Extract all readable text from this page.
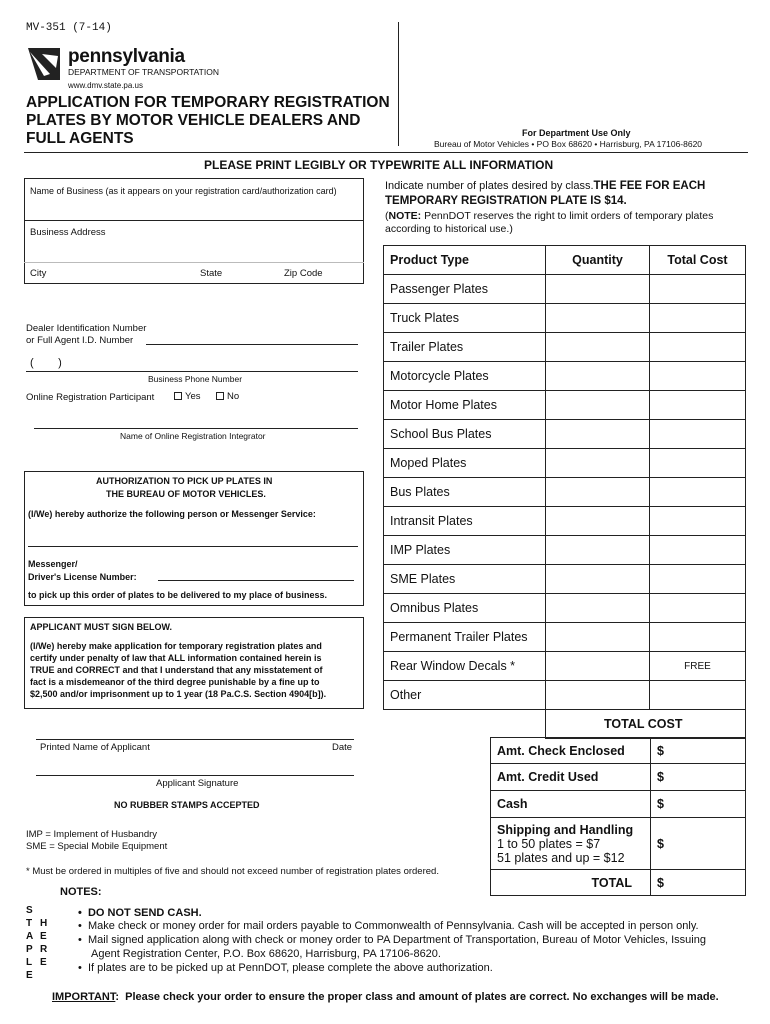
MV-351 (7-14)
pennsylvania
DEPARTMENT OF TRANSPORTATION
www.dmv.state.pa.us
APPLICATION FOR TEMPORARY REGISTRATION
PLATES BY MOTOR VEHICLE DEALERS AND
FULL AGENTS	For Department Use Only
Bureau of Motor Vehicles • PO Box 68620 • Harrisburg, PA 17106-8620
PLEASE PRINT LEGIBLY OR TYPEWRITE ALL INFORMATION
Name of Business (as it appears on your registration card/authorization card)
Business Address
City	State	Zip Code
Dealer Identification Number
or Full Agent I.D. Number
(        )
Business Phone Number
Online Registration Participant	Yes	No
Name of Online Registration Integrator
AUTHORIZATION TO PICK UP PLATES IN
THE BUREAU OF MOTOR VEHICLES.
(I/We) hereby authorize the following person or Messenger Service:
Messenger/
Driver's License Number:
to pick up this order of plates to be delivered to my place of business.
APPLICANT MUST SIGN BELOW.
(I/We) hereby make application for temporary registration plates and
certify under penalty of law that ALL information contained herein is
TRUE and CORRECT and that I understand that any misstatement of
fact is a misdemeanor of the third degree punishable by a fine up to
$2,500 and/or imprisonment up to 1 year (18 Pa.C.S. Section 4904[b]).
Printed Name of Applicant	Date
Applicant Signature
NO RUBBER STAMPS ACCEPTED
IMP = Implement of Husbandry
SME = Special Mobile Equipment
* Must be ordered in multiples of five and should not exceed number of registration plates ordered.
Indicate number of plates desired by class.THE FEE FOR EACH
TEMPORARY REGISTRATION PLATE IS $14.
(NOTE: PennDOT reserves the right to limit orders of temporary plates
according to historical use.)
Product Type	Quantity	Total Cost
Passenger Plates		
Truck Plates		
Trailer Plates		
Motorcycle Plates		
Motor Home Plates		
School Bus Plates		
Moped Plates		
Bus Plates		
Intransit Plates		
IMP Plates		
SME Plates		
Omnibus Plates		
Permanent Trailer Plates		
Rear Window Decals *		FREE
Other		
	TOTAL COST	
Amt. Check Enclosed	$
Amt. Credit Used	$
Cash	$

Shipping and Handling
1 to 50 plates = $7
51 plates and up = $12	$
TOTAL	$
S
T
A
P
L
E
H
E
R
E
NOTES:
• DO NOT SEND CASH.
• Make check or money order for mail orders payable to Commonwealth of Pennsylvania. Cash will be accepted in person only.
• Mail signed application along with check or money order to PA Department of Transportation, Bureau of Motor Vehicles, Issuing
Agent Registration Center, P.O. Box 68620, Harrisburg, PA 17106-8620.
• If plates are to be picked up at PennDOT, please complete the above authorization.
IMPORTANT:  Please check your order to ensure the proper class and amount of plates are correct. No exchanges will be made.
